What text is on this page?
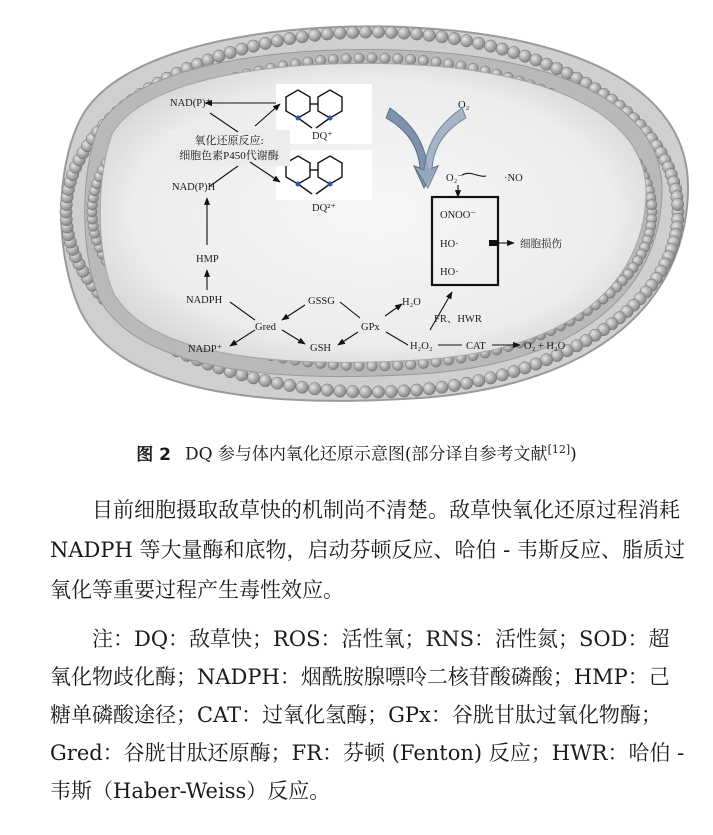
氧化还原反应:
细胞色素P450代谢酶
NAD(P)⁺
NAD(P)H
DQ⁺
DQ²⁺
O₂
O₂⁻	·NO
HMP
NADPH
Gred
NADP⁺
GSSG
GSH
GPx
H₂O
FR、HWR
H₂O₂	CAT	O₂ + H₂O
ONOO⁻
HO·
HO·
细胞损伤
图 2 DQ 参与体内氧化还原示意图(部分译自参考文献[12])
目前细胞摄取敌草快的机制尚不清楚。敌草快氧化还原过程消耗 NADPH 等大量酶和底物，启动芬顿反应、哈伯 - 韦斯反应、脂质过氧化等重要过程产生毒性效应。
注：DQ：敌草快；ROS：活性氧；RNS：活性氮；SOD：超氧化物歧化酶；NADPH：烟酰胺腺嘌呤二核苷酸磷酸；HMP：己糖单磷酸途径；CAT：过氧化氢酶；GPx：谷胱甘肽过氧化物酶；Gred：谷胱甘肽还原酶；FR：芬顿 (Fenton) 反应；HWR：哈伯 - 韦斯（Haber-Weiss）反应。
